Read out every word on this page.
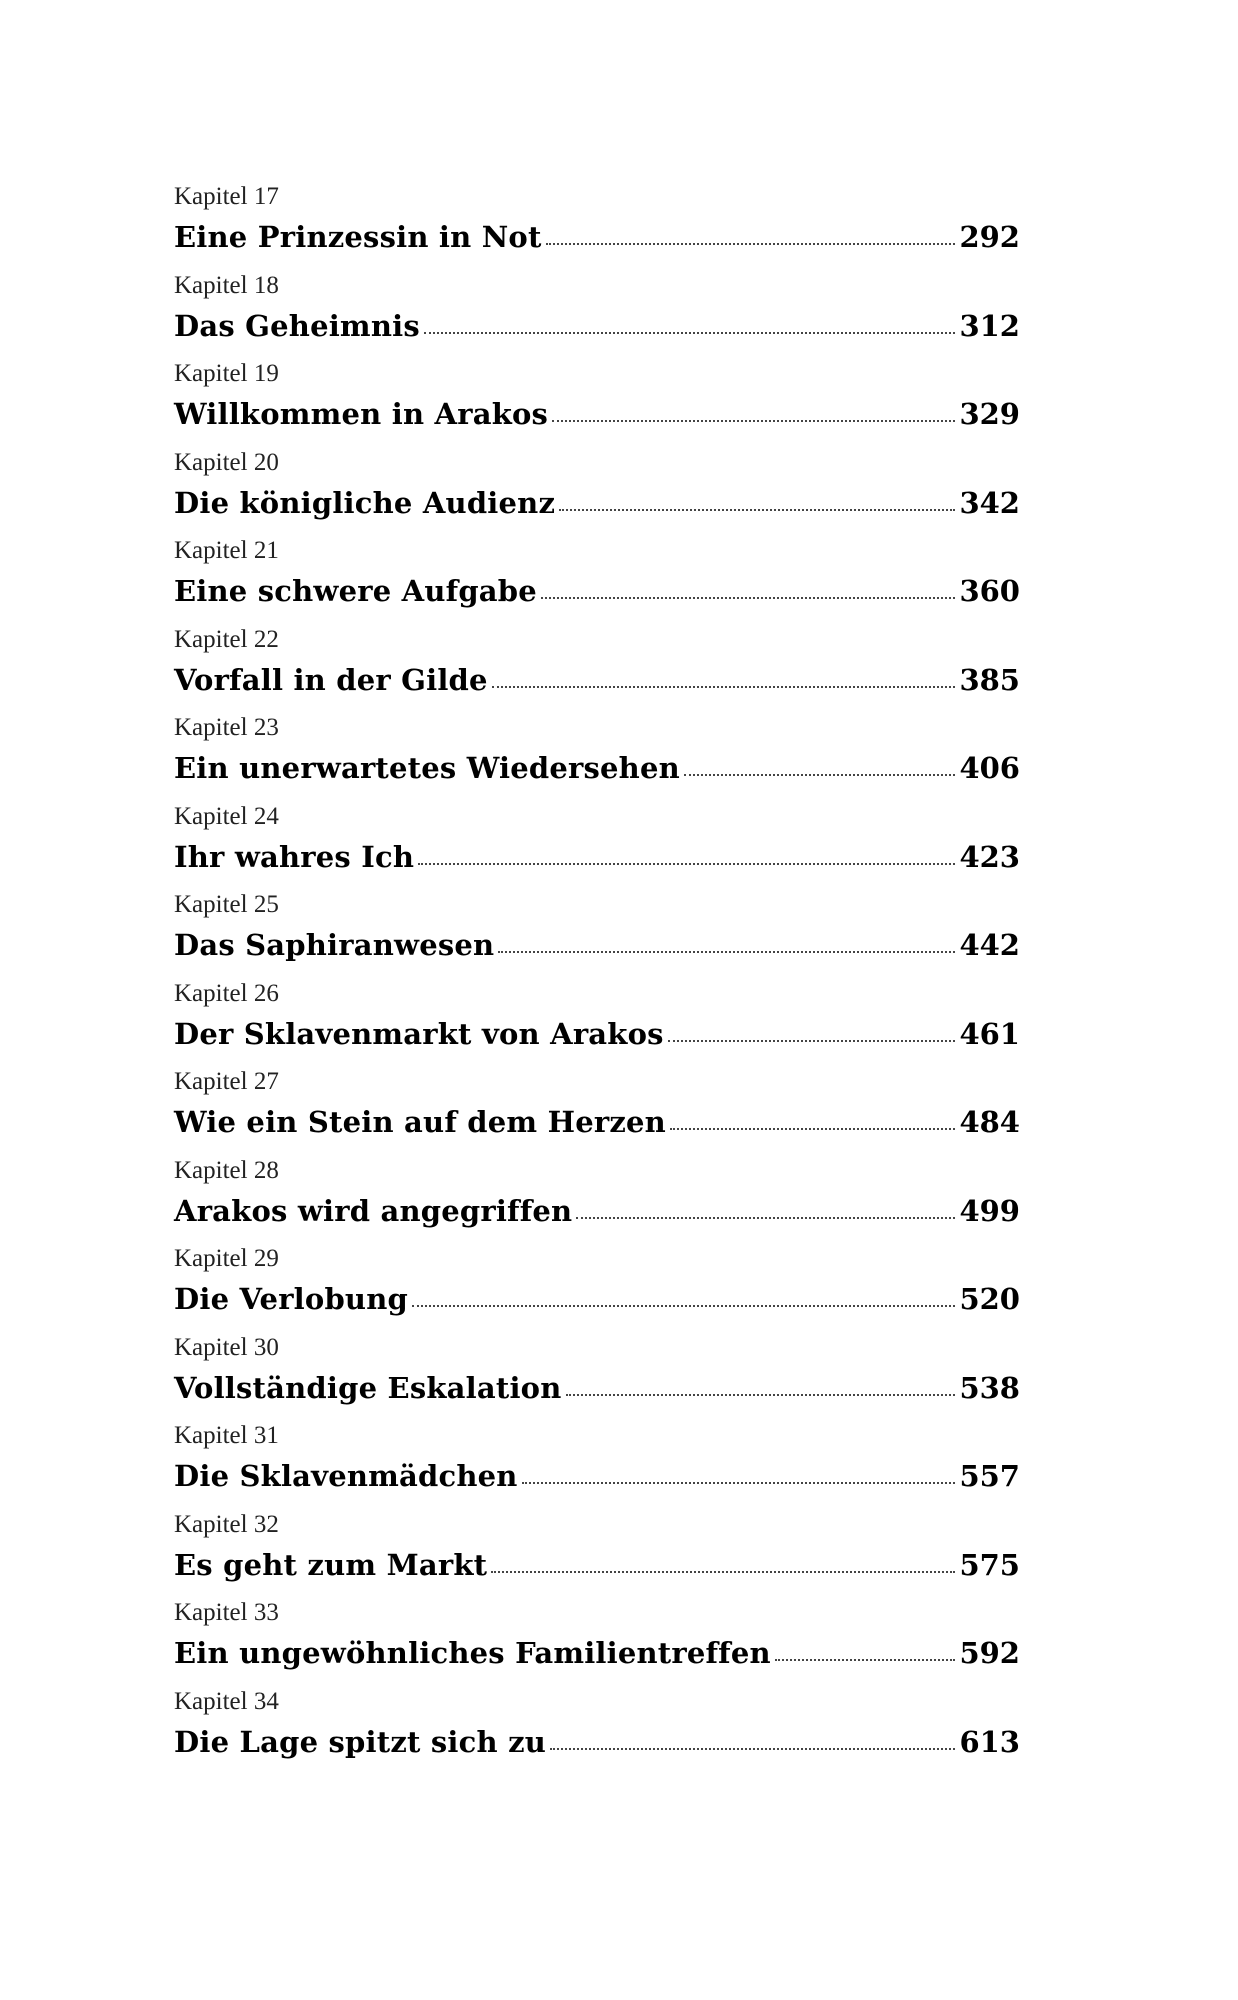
Kapitel 17
Eine Prinzessin in Not	292
Kapitel 18
Das Geheimnis	312
Kapitel 19
Willkommen in Arakos	329
Kapitel 20
Die königliche Audienz	342
Kapitel 21
Eine schwere Aufgabe	360
Kapitel 22
Vorfall in der Gilde	385
Kapitel 23
Ein unerwartetes Wiedersehen	406
Kapitel 24
Ihr wahres Ich	423
Kapitel 25
Das Saphiranwesen	442
Kapitel 26
Der Sklavenmarkt von Arakos	461
Kapitel 27
Wie ein Stein auf dem Herzen	484
Kapitel 28
Arakos wird angegriffen	499
Kapitel 29
Die Verlobung	520
Kapitel 30
Vollständige Eskalation	538
Kapitel 31
Die Sklavenmädchen	557
Kapitel 32
Es geht zum Markt	575
Kapitel 33
Ein ungewöhnliches Familientreffen	592
Kapitel 34
Die Lage spitzt sich zu	613
